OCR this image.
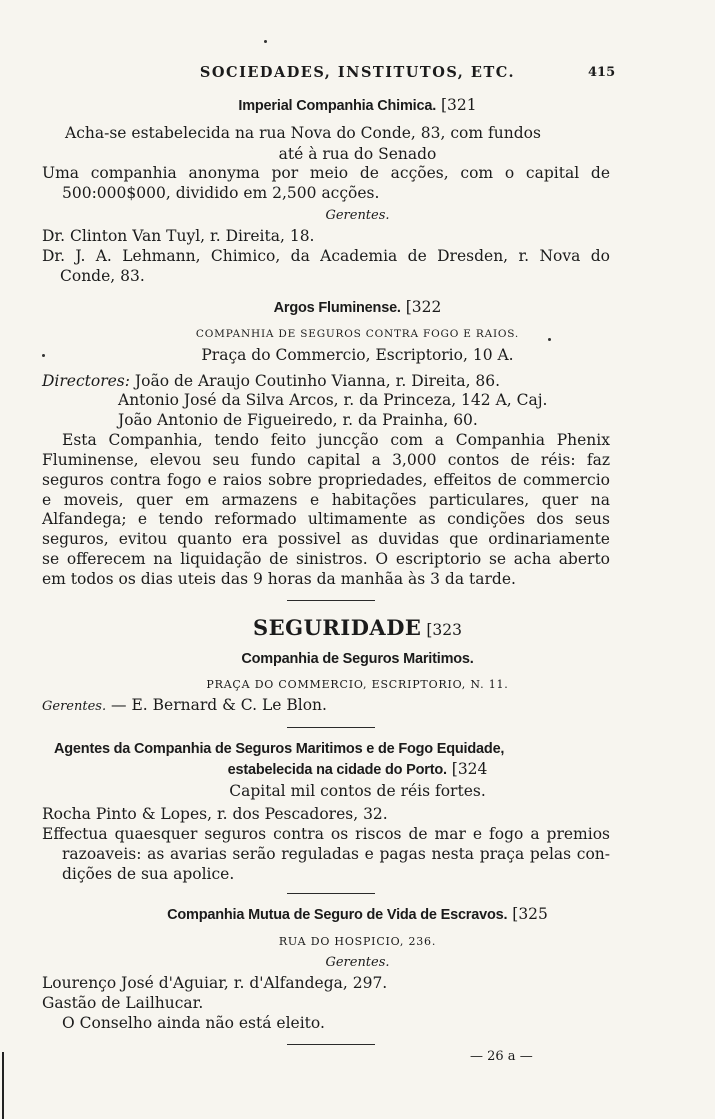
SOCIEDADES, INSTITUTOS, ETC.	415
Imperial Companhia Chimica. [321
Acha-se estabelecida na rua Nova do Conde, 83, com fundos
até à rua do Senado
Uma companhia anonyma por meio de acções, com o capital de
500:000$000, dividido em 2,500 acções.
Gerentes.
Dr. Clinton Van Tuyl, r. Direita, 18.
Dr. J. A. Lehmann, Chimico, da Academia de Dresden, r. Nova do
Conde, 83.
Argos Fluminense. [322
COMPANHIA DE SEGUROS CONTRA FOGO E RAIOS.
Praça do Commercio, Escriptorio, 10 A.
Directores: João de Araujo Coutinho Vianna, r. Direita, 86.
Antonio José da Silva Arcos, r. da Princeza, 142 A, Caj.
João Antonio de Figueiredo, r. da Prainha, 60.
Esta Companhia, tendo feito juncção com a Companhia Phenix
Fluminense, elevou seu fundo capital a 3,000 contos de réis: faz
seguros contra fogo e raios sobre propriedades, effeitos de commercio
e moveis, quer em armazens e habitações particulares, quer na
Alfandega; e tendo reformado ultimamente as condições dos seus
seguros, evitou quanto era possivel as duvidas que ordinariamente
se offerecem na liquidação de sinistros. O escriptorio se acha aberto
em todos os dias uteis das 9 horas da manhãa às 3 da tarde.
SEGURIDADE [323
Companhia de Seguros Maritimos.
PRAÇA DO COMMERCIO, ESCRIPTORIO, N. 11.
Gerentes. — E. Bernard & C. Le Blon.
Agentes da Companhia de Seguros Maritimos e de Fogo Equidade,
estabelecida na cidade do Porto. [324
Capital mil contos de réis fortes.
Rocha Pinto & Lopes, r. dos Pescadores, 32.
Effectua quaesquer seguros contra os riscos de mar e fogo a premios
razoaveis: as avarias serão reguladas e pagas nesta praça pelas con-
dições de sua apolice.
Companhia Mutua de Seguro de Vida de Escravos. [325
RUA DO HOSPICIO, 236.
Gerentes.
Lourenço José d'Aguiar, r. d'Alfandega, 297.
Gastão de Lailhucar.
O Conselho ainda não está eleito.
— 26 a —
